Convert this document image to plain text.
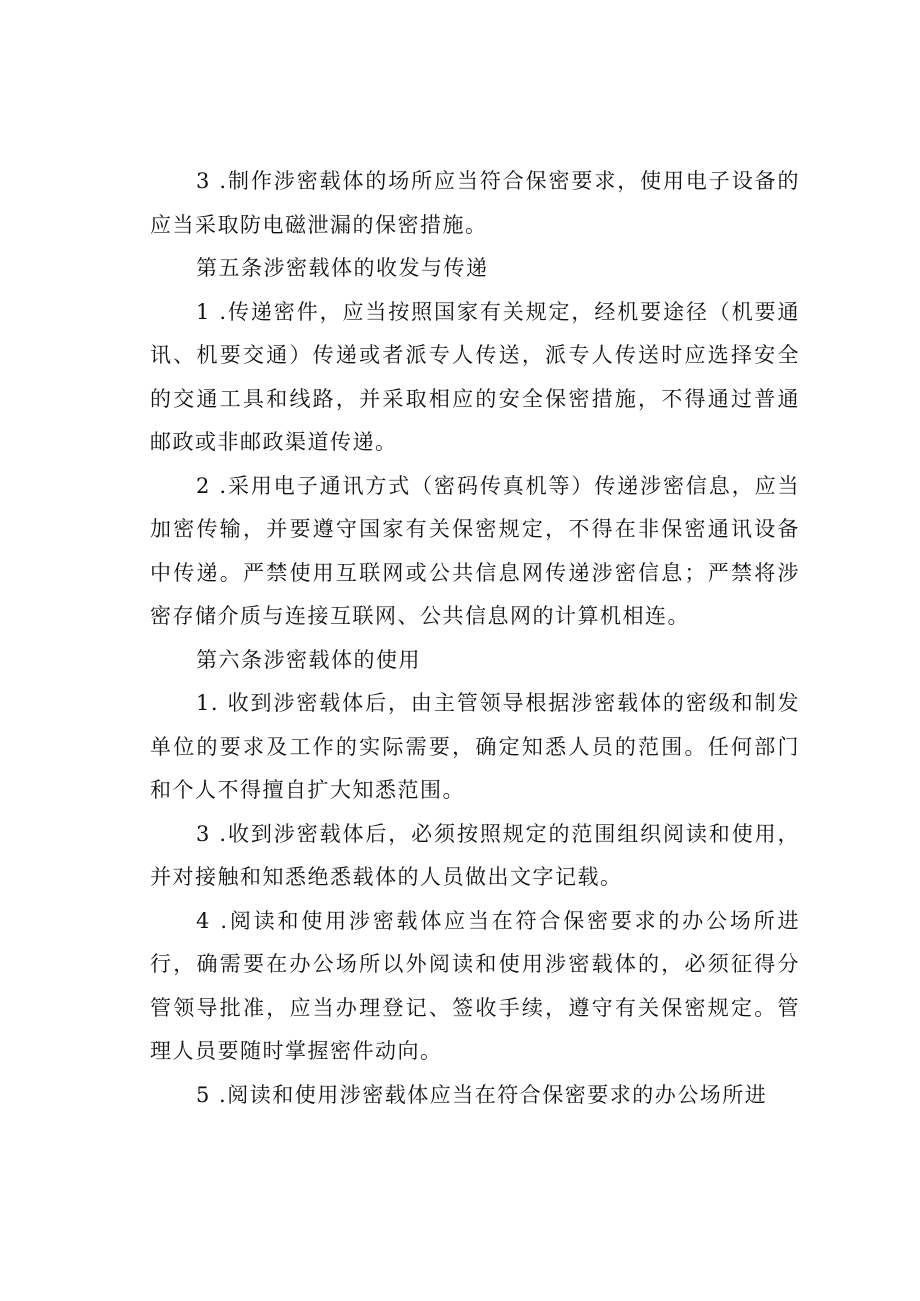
3 .制作涉密载体的场所应当符合保密要求，使用电子设备的应当采取防电磁泄漏的保密措施。

第五条涉密载体的收发与传递

1 .传递密件，应当按照国家有关规定，经机要途径（机要通讯、机要交通）传递或者派专人传送，派专人传送时应选择安全的交通工具和线路，并采取相应的安全保密措施，不得通过普通邮政或非邮政渠道传递。

2 .采用电子通讯方式（密码传真机等）传递涉密信息，应当加密传输，并要遵守国家有关保密规定，不得在非保密通讯设备中传递。严禁使用互联网或公共信息网传递涉密信息；严禁将涉密存储介质与连接互联网、公共信息网的计算机相连。

第六条涉密载体的使用

1. 收到涉密载体后，由主管领导根据涉密载体的密级和制发单位的要求及工作的实际需要，确定知悉人员的范围。任何部门和个人不得擅自扩大知悉范围。

3 .收到涉密载体后，必须按照规定的范围组织阅读和使用，并对接触和知悉绝悉载体的人员做出文字记载。

4 .阅读和使用涉密载体应当在符合保密要求的办公场所进行，确需要在办公场所以外阅读和使用涉密载体的，必须征得分管领导批准，应当办理登记、签收手续，遵守有关保密规定。管理人员要随时掌握密件动向。

5 .阅读和使用涉密载体应当在符合保密要求的办公场所进
